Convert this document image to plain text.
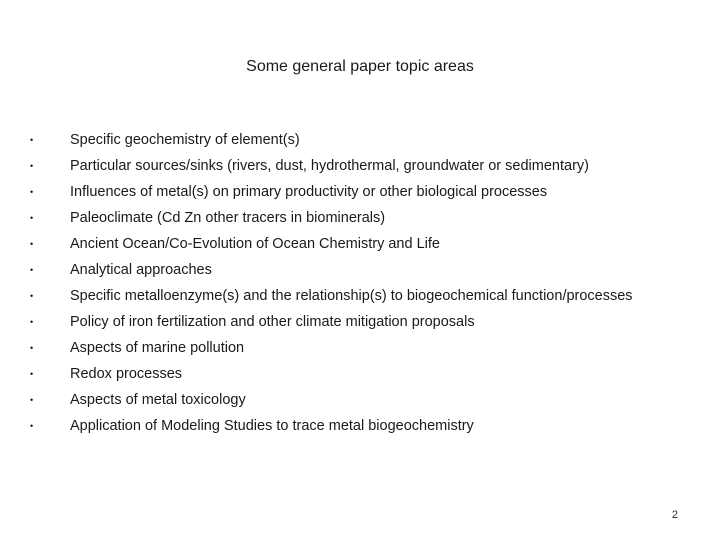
Some general paper topic areas
•	Specific geochemistry of element(s)
•	Particular sources/sinks (rivers, dust, hydrothermal, groundwater or sedimentary)
•	Influences of metal(s) on primary productivity or other biological processes
•	Paleoclimate (Cd Zn other tracers in biominerals)
•	Ancient Ocean/Co-Evolution of Ocean Chemistry and Life
•	Analytical approaches
•	Specific metalloenzyme(s) and the relationship(s) to biogeochemical function/processes
•	Policy of iron fertilization and other climate mitigation proposals
•	Aspects of marine pollution
•	Redox processes
•	Aspects of metal toxicology
•	Application of Modeling Studies to trace metal biogeochemistry
2
